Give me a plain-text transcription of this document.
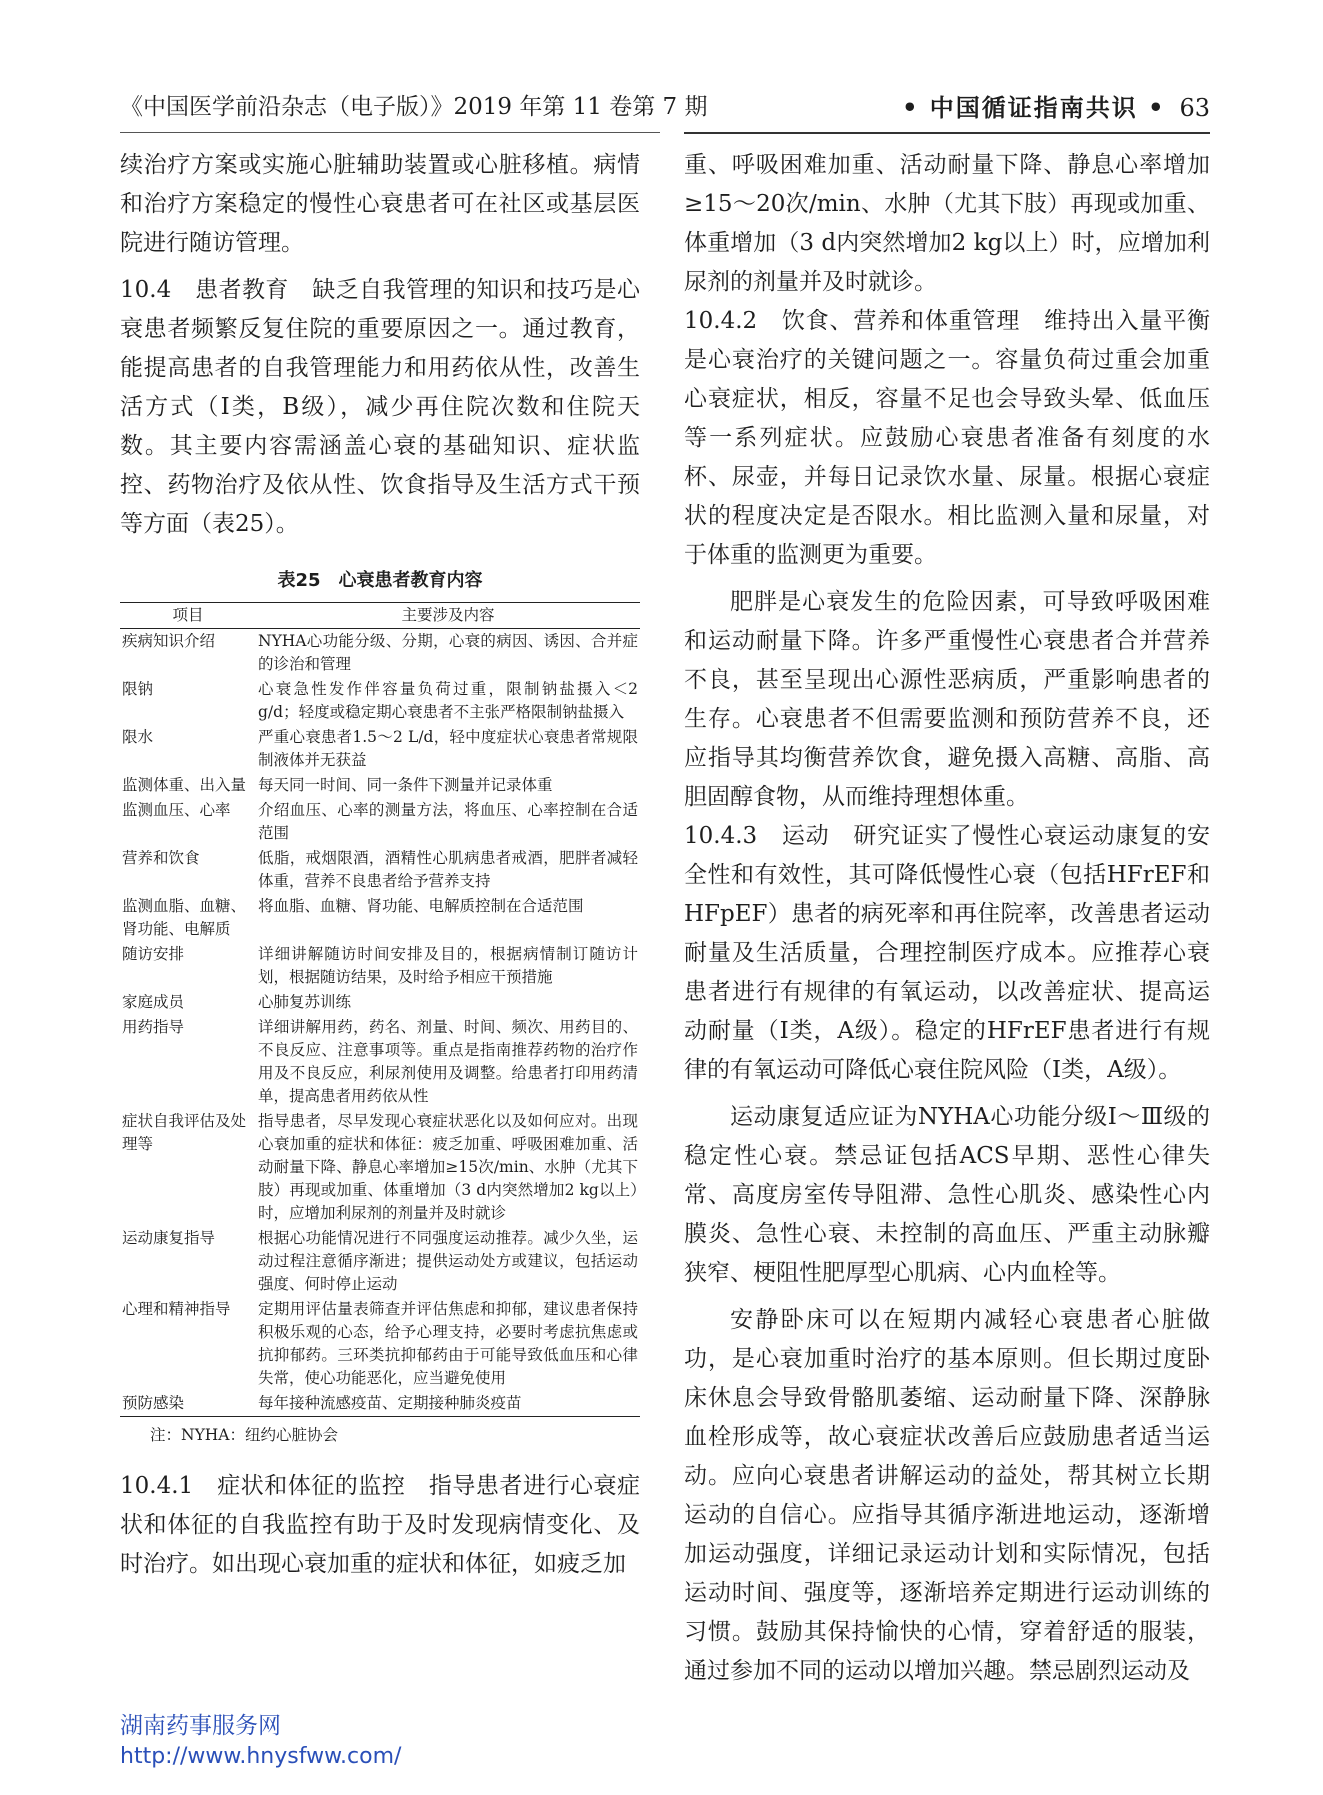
《中国医学前沿杂志（电子版）》2019 年第 11 卷第 7 期	• 中国循证指南共识 • 63

续治疗方案或实施心脏辅助装置或心脏移植。病情和治疗方案稳定的慢性心衰患者可在社区或基层医院进行随访管理。

10.4　患者教育　缺乏自我管理的知识和技巧是心衰患者频繁反复住院的重要原因之一。通过教育，能提高患者的自我管理能力和用药依从性，改善生活方式（Ⅰ类，B级），减少再住院次数和住院天数。其主要内容需涵盖心衰的基础知识、症状监控、药物治疗及依从性、饮食指导及生活方式干预等方面（表25）。

表25　心衰患者教育内容
项目	主要涉及内容
疾病知识介绍	NYHA心功能分级、分期，心衰的病因、诱因、合并症的诊治和管理
限钠	心衰急性发作伴容量负荷过重，限制钠盐摄入＜2 g/d；轻度或稳定期心衰患者不主张严格限制钠盐摄入
限水	严重心衰患者1.5～2 L/d，轻中度症状心衰患者常规限制液体并无获益
监测体重、出入量	每天同一时间、同一条件下测量并记录体重
监测血压、心率	介绍血压、心率的测量方法，将血压、心率控制在合适范围
营养和饮食	低脂，戒烟限酒，酒精性心肌病患者戒酒，肥胖者减轻体重，营养不良患者给予营养支持
监测血脂、血糖、肾功能、电解质	将血脂、血糖、肾功能、电解质控制在合适范围
随访安排	详细讲解随访时间安排及目的，根据病情制订随访计划，根据随访结果，及时给予相应干预措施
家庭成员	心肺复苏训练
用药指导	详细讲解用药，药名、剂量、时间、频次、用药目的、不良反应、注意事项等。重点是指南推荐药物的治疗作用及不良反应，利尿剂使用及调整。给患者打印用药清单，提高患者用药依从性
症状自我评估及处理等	指导患者，尽早发现心衰症状恶化以及如何应对。出现心衰加重的症状和体征：疲乏加重、呼吸困难加重、活动耐量下降、静息心率增加≥15次/min、水肿（尤其下肢）再现或加重、体重增加（3 d内突然增加2 kg以上）时，应增加利尿剂的剂量并及时就诊
运动康复指导	根据心功能情况进行不同强度运动推荐。减少久坐，运动过程注意循序渐进；提供运动处方或建议，包括运动强度、何时停止运动
心理和精神指导	定期用评估量表筛查并评估焦虑和抑郁，建议患者保持积极乐观的心态，给予心理支持，必要时考虑抗焦虑或抗抑郁药。三环类抗抑郁药由于可能导致低血压和心律失常，使心功能恶化，应当避免使用
预防感染	每年接种流感疫苗、定期接种肺炎疫苗
注：NYHA：纽约心脏协会

10.4.1　症状和体征的监控　指导患者进行心衰症状和体征的自我监控有助于及时发现病情变化、及时治疗。如出现心衰加重的症状和体征，如疲乏加

重、呼吸困难加重、活动耐量下降、静息心率增加≥15～20次/min、水肿（尤其下肢）再现或加重、体重增加（3 d内突然增加2 kg以上）时，应增加利尿剂的剂量并及时就诊。

10.4.2　饮食、营养和体重管理　维持出入量平衡是心衰治疗的关键问题之一。容量负荷过重会加重心衰症状，相反，容量不足也会导致头晕、低血压等一系列症状。应鼓励心衰患者准备有刻度的水杯、尿壶，并每日记录饮水量、尿量。根据心衰症状的程度决定是否限水。相比监测入量和尿量，对于体重的监测更为重要。

肥胖是心衰发生的危险因素，可导致呼吸困难和运动耐量下降。许多严重慢性心衰患者合并营养不良，甚至呈现出心源性恶病质，严重影响患者的生存。心衰患者不但需要监测和预防营养不良，还应指导其均衡营养饮食，避免摄入高糖、高脂、高胆固醇食物，从而维持理想体重。

10.4.3　运动　研究证实了慢性心衰运动康复的安全性和有效性，其可降低慢性心衰（包括HFrEF和HFpEF）患者的病死率和再住院率，改善患者运动耐量及生活质量，合理控制医疗成本。应推荐心衰患者进行有规律的有氧运动，以改善症状、提高运动耐量（Ⅰ类，A级）。稳定的HFrEF患者进行有规律的有氧运动可降低心衰住院风险（Ⅰ类，A级）。

运动康复适应证为NYHA心功能分级Ⅰ～Ⅲ级的稳定性心衰。禁忌证包括ACS早期、恶性心律失常、高度房室传导阻滞、急性心肌炎、感染性心内膜炎、急性心衰、未控制的高血压、严重主动脉瓣狭窄、梗阻性肥厚型心肌病、心内血栓等。

安静卧床可以在短期内减轻心衰患者心脏做功，是心衰加重时治疗的基本原则。但长期过度卧床休息会导致骨骼肌萎缩、运动耐量下降、深静脉血栓形成等，故心衰症状改善后应鼓励患者适当运动。应向心衰患者讲解运动的益处，帮其树立长期运动的自信心。应指导其循序渐进地运动，逐渐增加运动强度，详细记录运动计划和实际情况，包括运动时间、强度等，逐渐培养定期进行运动训练的习惯。鼓励其保持愉快的心情，穿着舒适的服装，通过参加不同的运动以增加兴趣。禁忌剧烈运动及

湖南药事服务网
http://www.hnysfww.com/
